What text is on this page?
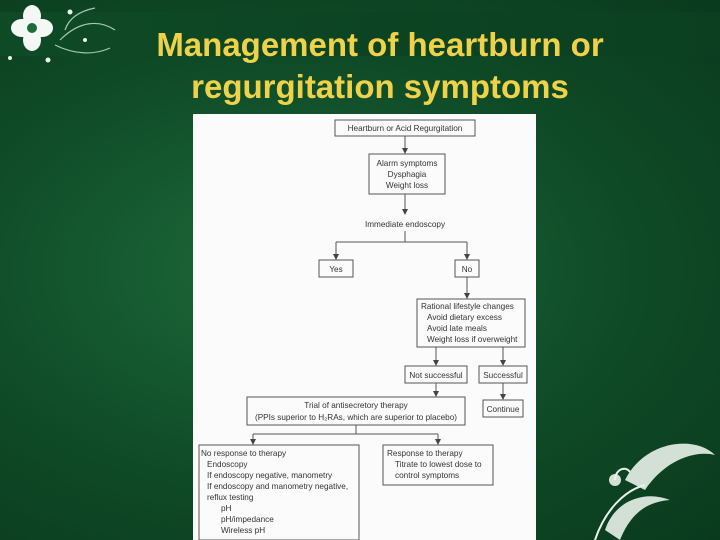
Management of heartburn or
regurgitation symptoms
Heartburn or Acid Regurgitation
Alarm symptoms
Dysphagia
Weight loss
Immediate endoscopy
Yes	No
Rational lifestyle changes
Avoid dietary excess
Avoid late meals
Weight loss if overweight
Not successful	Successful
Trial of antisecretory therapy
(PPIs superior to H₂RAs, which are superior to placebo)
Continue
No response to therapy
Endoscopy
If endoscopy negative, manometry
If endoscopy and manometry negative,
reflux testing
pH
pH/impedance
Wireless pH
Response to therapy
Titrate to lowest dose to
control symptoms
